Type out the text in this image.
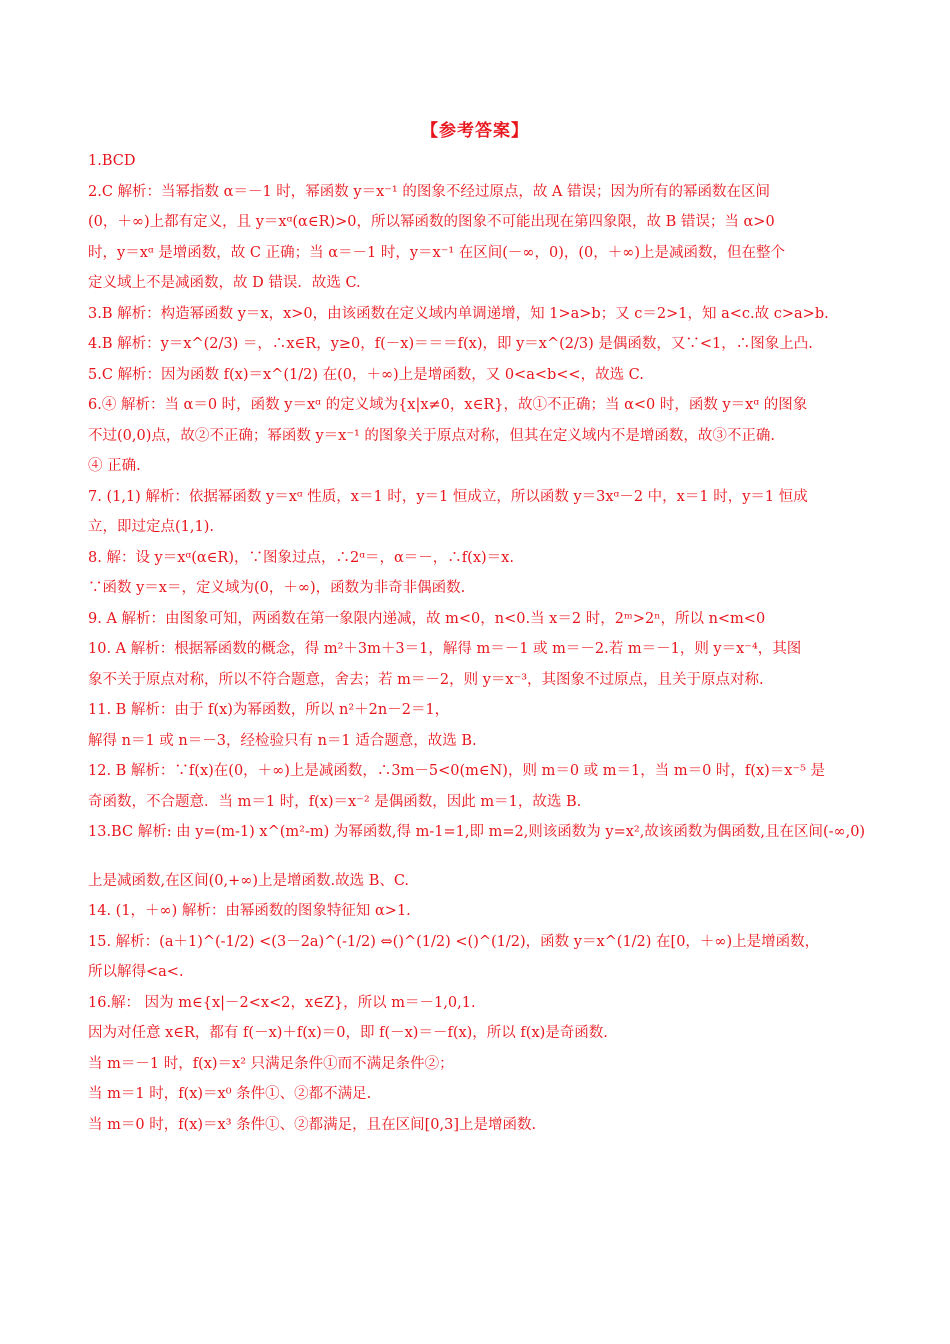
【参考答案】
1.BCD
2.C 解析：当幂指数 α＝－1 时，幂函数 y＝x⁻¹ 的图象不经过原点，故 A 错误；因为所有的幂函数在区间
(0，＋∞)上都有定义，且 y＝xᵅ(α∈R)>0，所以幂函数的图象不可能出现在第四象限，故 B 错误；当 α>0
时，y＝xᵅ 是增函数，故 C 正确；当 α＝－1 时，y＝x⁻¹ 在区间(－∞，0)，(0，＋∞)上是减函数，但在整个
定义域上不是减函数，故 D 错误．故选 C.
3.B 解析：构造幂函数 y＝x，x>0，由该函数在定义域内单调递增，知 1>a>b；又 c＝2>1，知 a<c.故 c>a>b.
4.B 解析：y＝x^(2/3) ＝，∴x∈R，y≥0，f(－x)＝＝＝f(x)，即 y＝x^(2/3) 是偶函数，又∵<1，∴图象上凸.
5.C 解析：因为函数 f(x)＝x^(1/2) 在(0，＋∞)上是增函数，又 0<a<b<<，故选 C.
6.④ 解析：当 α＝0 时，函数 y＝xᵅ 的定义域为{x|x≠0，x∈R}，故①不正确；当 α<0 时，函数 y＝xᵅ 的图象
不过(0,0)点，故②不正确；幂函数 y＝x⁻¹ 的图象关于原点对称，但其在定义域内不是增函数，故③不正确.
④ 正确.
7. (1,1) 解析：依据幂函数 y＝xᵅ 性质，x＝1 时，y＝1 恒成立，所以函数 y＝3xᵅ－2 中，x＝1 时，y＝1 恒成
立，即过定点(1,1).
8. 解：设 y＝xᵅ(α∈R)，∵图象过点，∴2ᵅ＝，α＝－，∴f(x)＝x.
∵函数 y＝x＝，定义域为(0，＋∞)，函数为非奇非偶函数.
9. A 解析：由图象可知，两函数在第一象限内递减，故 m<0，n<0.当 x＝2 时，2ᵐ>2ⁿ，所以 n<m<0
10. A 解析：根据幂函数的概念，得 m²＋3m＋3＝1，解得 m＝－1 或 m＝－2.若 m＝－1，则 y＝x⁻⁴，其图
象不关于原点对称，所以不符合题意，舍去；若 m＝－2，则 y＝x⁻³，其图象不过原点，且关于原点对称.
11. B 解析：由于 f(x)为幂函数，所以 n²＋2n－2＝1，
解得 n＝1 或 n＝－3，经检验只有 n＝1 适合题意，故选 B.
12. B 解析：∵f(x)在(0，＋∞)上是减函数，∴3m－5<0(m∈N)，则 m＝0 或 m＝1，当 m＝0 时，f(x)＝x⁻⁵ 是
奇函数，不合题意．当 m＝1 时，f(x)＝x⁻² 是偶函数，因此 m＝1，故选 B.
13.BC 解析: 由 y=(m-1) x^(m²-m) 为幂函数,得 m-1=1,即 m=2,则该函数为 y=x²,故该函数为偶函数,且在区间(-∞,0)
上是减函数,在区间(0,+∞)上是增函数.故选 B、C.
14. (1，＋∞) 解析：由幂函数的图象特征知 α>1.
15. 解析：(a＋1)^(-1/2) <(3－2a)^(-1/2) ⇔()^(1/2) <()^(1/2)，函数 y＝x^(1/2) 在[0，＋∞)上是增函数，
所以解得<a<.
16.解： 因为 m∈{x|－2<x<2，x∈Z}，所以 m＝－1,0,1.
因为对任意 x∈R，都有 f(－x)＋f(x)＝0，即 f(－x)＝－f(x)，所以 f(x)是奇函数.
当 m＝－1 时，f(x)＝x² 只满足条件①而不满足条件②；
当 m＝1 时，f(x)＝x⁰ 条件①、②都不满足.
当 m＝0 时，f(x)＝x³ 条件①、②都满足，且在区间[0,3]上是增函数.
